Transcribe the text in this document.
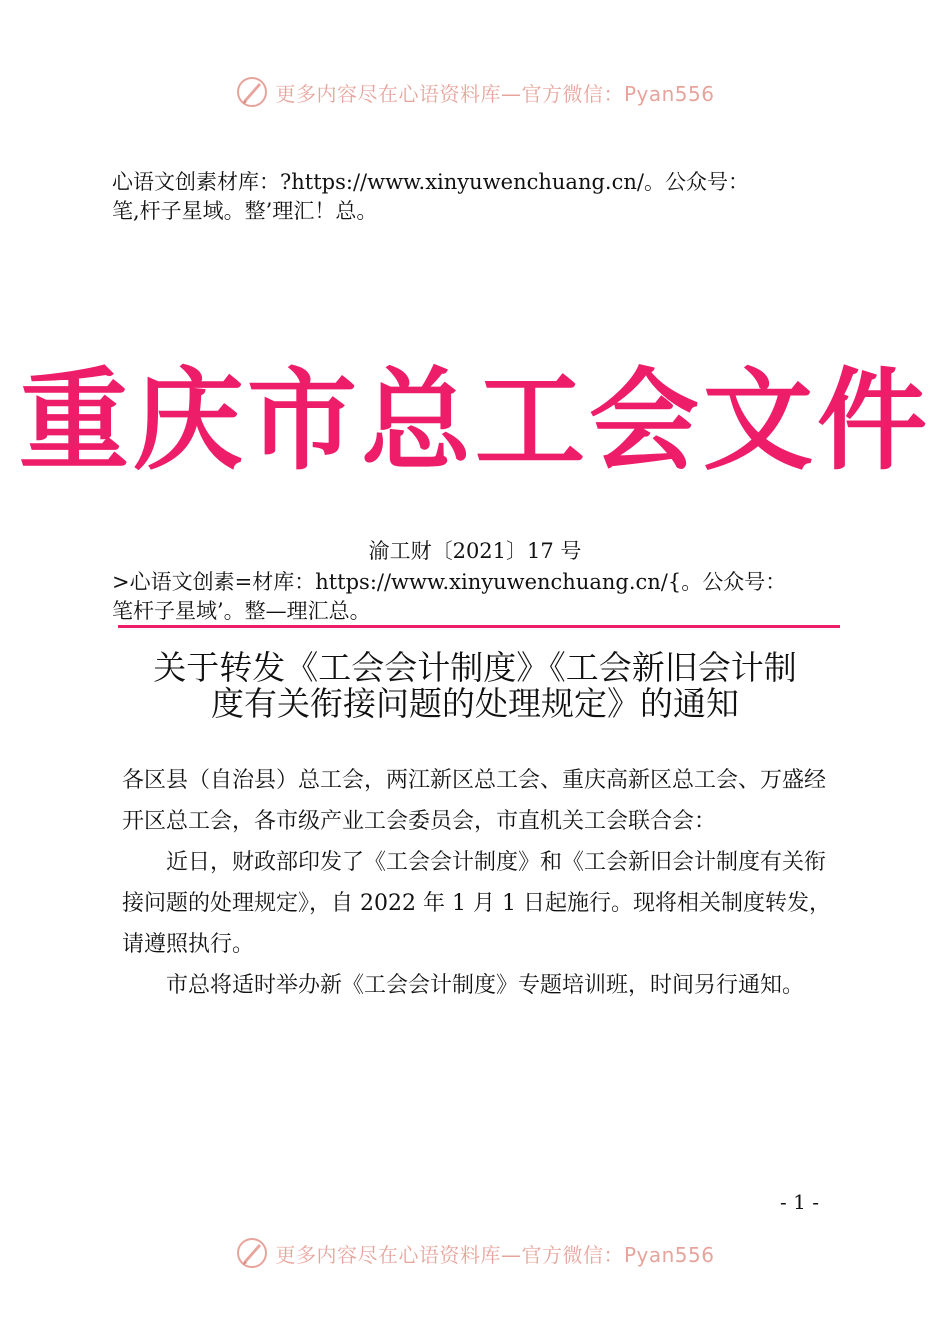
更多内容尽在心语资料库—官方微信：Pyan556
心语文创素材库：?https://www.xinyuwenchuang.cn/。公众号：
笔,杆子星域。整’理汇！总。
重庆市总工会文件
渝工财〔2021〕17 号
>心语文创素=材库：https://www.xinyuwenchuang.cn/{。公众号：
笔杆子星域’。整—理汇总。
关于转发《工会会计制度》《工会新旧会计制
度有关衔接问题的处理规定》的通知

各区县（自治县）总工会，两江新区总工会、重庆高新区总工会、万盛经开区总工会，各市级产业工会委员会，市直机关工会联合会：

近日，财政部印发了《工会会计制度》和《工会新旧会计制度有关衔接问题的处理规定》，自 2022 年 1 月 1 日起施行。现将相关制度转发，请遵照执行。

市总将适时举办新《工会会计制度》专题培训班，时间另行通知。

- 1 -
更多内容尽在心语资料库—官方微信：Pyan556
